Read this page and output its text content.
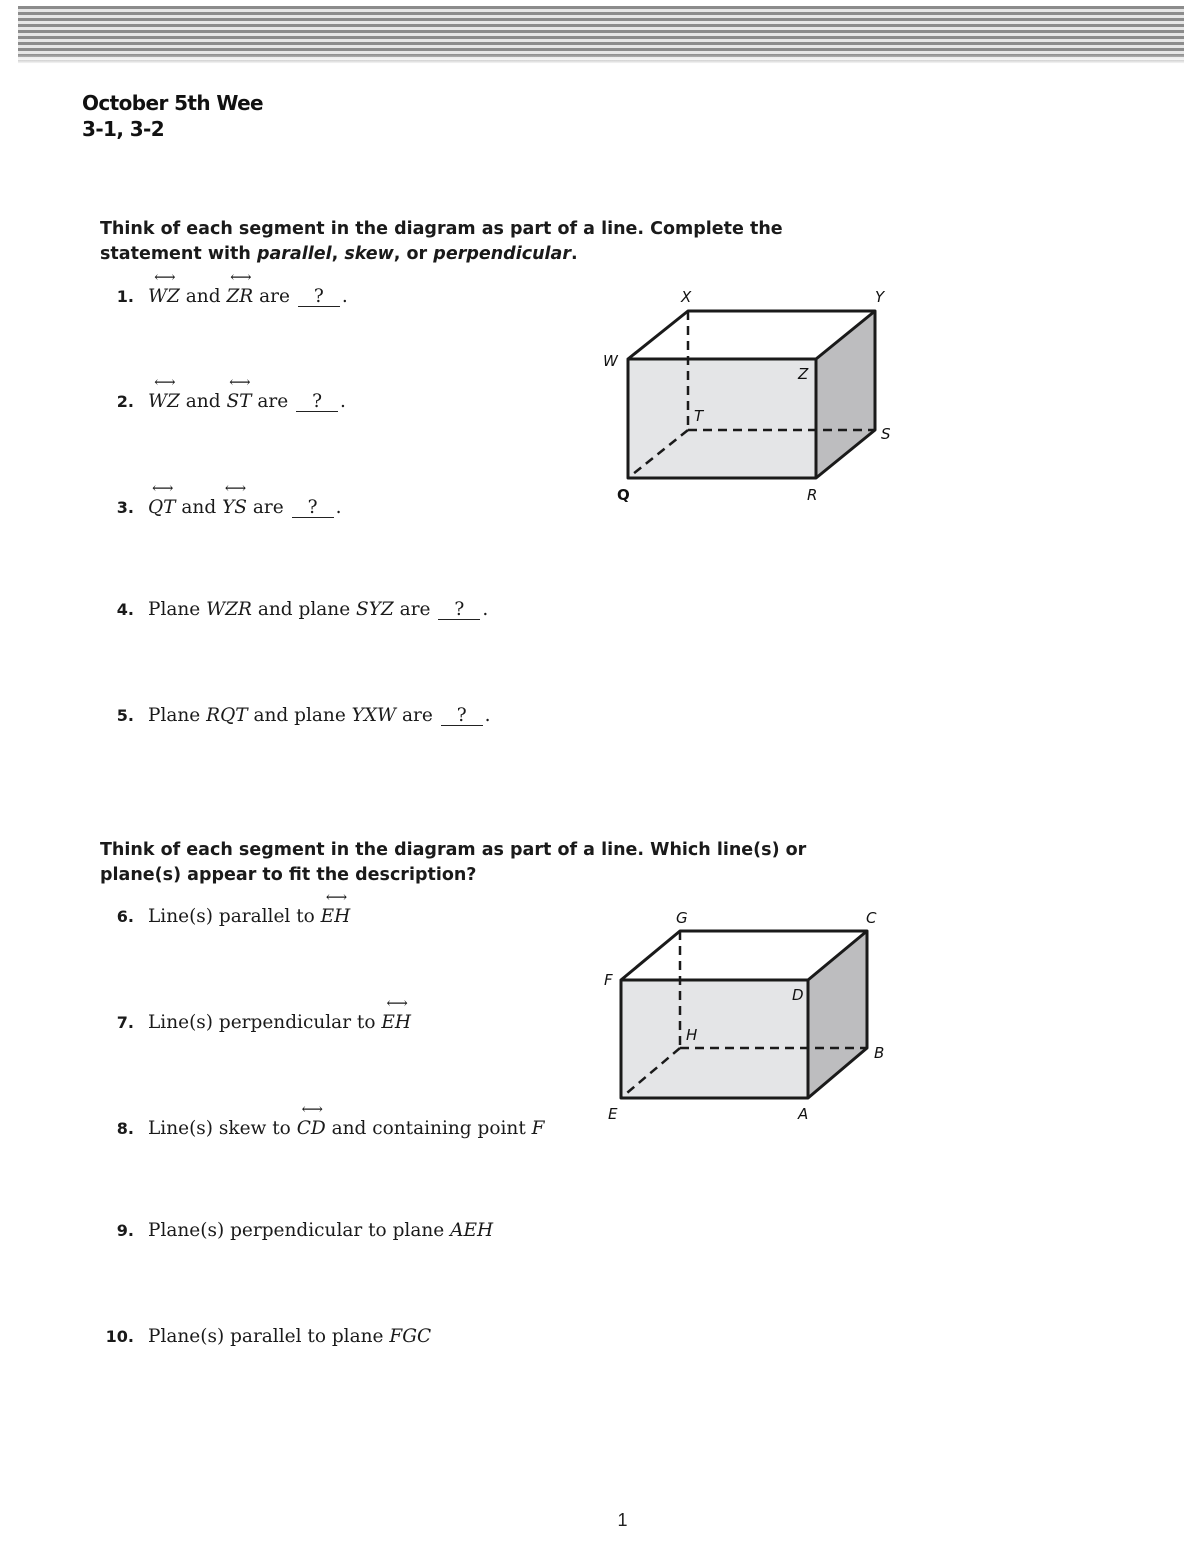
October 5th Wee
3-1, 3-2
Think of each segment in the diagram as part of a line. Complete the statement with parallel, skew, or perpendicular.
1. ⟷ WZ and ⟷ ZR are ? .
2. ⟷ WZ and ⟷ ST are ? .
3. ⟷ QT and ⟷ YS are ? .
4. Plane WZR and plane SYZ are ? .
5. Plane RQT and plane YXW are ? .
X	Y
W
Z
T
S
Q	R
Think of each segment in the diagram as part of a line. Which line(s) or plane(s) appear to fit the description?
6. Line(s) parallel to ⟷ EH
7. Line(s) perpendicular to ⟷ EH
8. Line(s) skew to ⟷ CD and containing point F
9. Plane(s) perpendicular to plane AEH
10. Plane(s) parallel to plane FGC
G	C
F
D
H
B
E	A
1
